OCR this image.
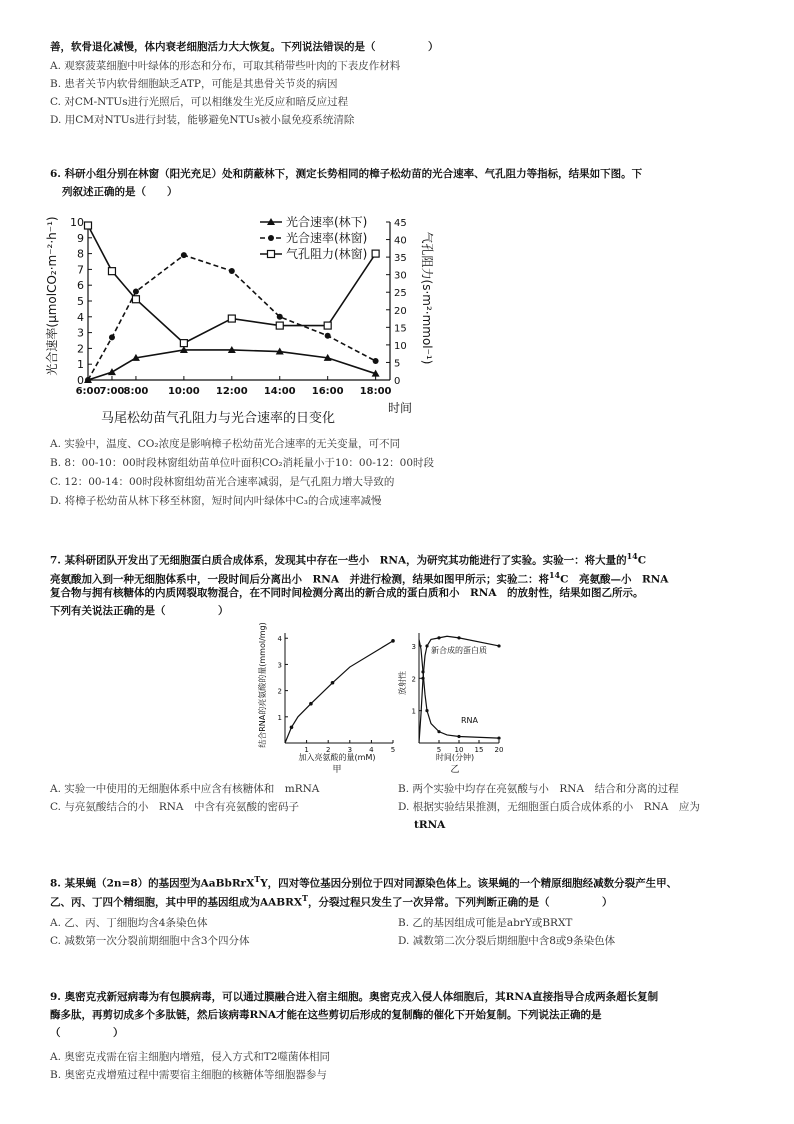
善，软骨退化减慢，体内衰老细胞活力大大恢复。下列说法错误的是（　　　　　）
A. 观察菠菜细胞中叶绿体的形态和分布，可取其稍带些叶肉的下表皮作材料
B. 患者关节内软骨细胞缺乏ATP，可能是其患骨关节炎的病因
C. 对CM-NTUs进行光照后，可以相继发生光反应和暗反应过程
D. 用CM对NTUs进行封装，能够避免NTUs被小鼠免疫系统清除
6. 科研小组分别在林窗（阳光充足）处和荫蔽林下，测定长势相同的樟子松幼苗的光合速率、气孔阻力等指标，结果如下图。下
列叙述正确的是（　　）
0
1
2
3
4
5
6
7
8
9
10
0
5
10
15
20
25
30
35
40
45
6:00 7:00 8:00 10:00 12:00 14:00 16:00 18:00
光合速率(林下)
光合速率(林窗)
气孔阻力(林窗)
光合速率(μmolCO₂·m⁻²·h⁻¹)	气孔阻力(s·m²·mmol⁻¹)
马尾松幼苗气孔阻力与光合速率的日变化
时间
A. 实验中，温度、CO₂浓度是影响樟子松幼苗光合速率的无关变量，可不同
B. 8：00-10：00时段林窗组幼苗单位叶面积CO₂消耗量小于10：00-12：00时段
C. 12：00-14：00时段林窗组幼苗光合速率减弱，是气孔阻力增大导致的
D. 将樟子松幼苗从林下移至林窗，短时间内叶绿体中C₃的合成速率减慢
7. 某科研团队开发出了无细胞蛋白质合成体系，发现其中存在一些小　RNA，为研究其功能进行了实验。实验一：将大量的$^{14}$C
亮氨酸加入到一种无细胞体系中，一段时间后分离出小　RNA　并进行检测，结果如图甲所示；实验二：将$^{14}$C　亮氨酸—小　RNA
复合物与拥有核糖体的内质网裂取物混合，在不同时间检测分离出的新合成的蛋白质和小　RNA　的放射性，结果如图乙所示。
下列有关说法正确的是（　　　　　）
1 2 3 4 5
1
2
3
4
结合RNA的亮氨酸的量(mmol/mg)
加入亮氨酸的量(mM)
甲
5 10 15 20
1
2
3
放射性
时间(分钟)
乙
新合成的蛋白质
RNA
A. 实验一中使用的无细胞体系中应含有核糖体和　mRNA	B. 两个实验中均存在亮氨酸与小　RNA　结合和分离的过程
C. 与亮氨酸结合的小　RNA　中含有亮氨酸的密码子	D. 根据实验结果推测，无细胞蛋白质合成体系的小　RNA　应为
tRNA
8. 某果蝇（2n=8）的基因型为AaBbRrX$^T$Y，四对等位基因分别位于四对同源染色体上。该果蝇的一个精原细胞经减数分裂产生甲、
乙、丙、丁四个精细胞，其中甲的基因组成为$AABRX^T$，分裂过程只发生了一次异常。下列判断正确的是（　　　　　）
A. 乙、丙、丁细胞均含4条染色体	B. 乙的基因组成可能是abrY或BRXT
C. 减数第一次分裂前期细胞中含3个四分体	D. 减数第二次分裂后期细胞中含8或9条染色体
9. 奥密克戎新冠病毒为有包膜病毒，可以通过膜融合进入宿主细胞。奥密克戎入侵人体细胞后，其RNA直接指导合成两条超长复制
酶多肽，再剪切成多个多肽链，然后该病毒RNA才能在这些剪切后形成的复制酶的催化下开始复制。下列说法正确的是
（　　　　　）
A. 奥密克戎需在宿主细胞内增殖，侵入方式和T2噬菌体相同
B. 奥密克戎增殖过程中需要宿主细胞的核糖体等细胞器参与
